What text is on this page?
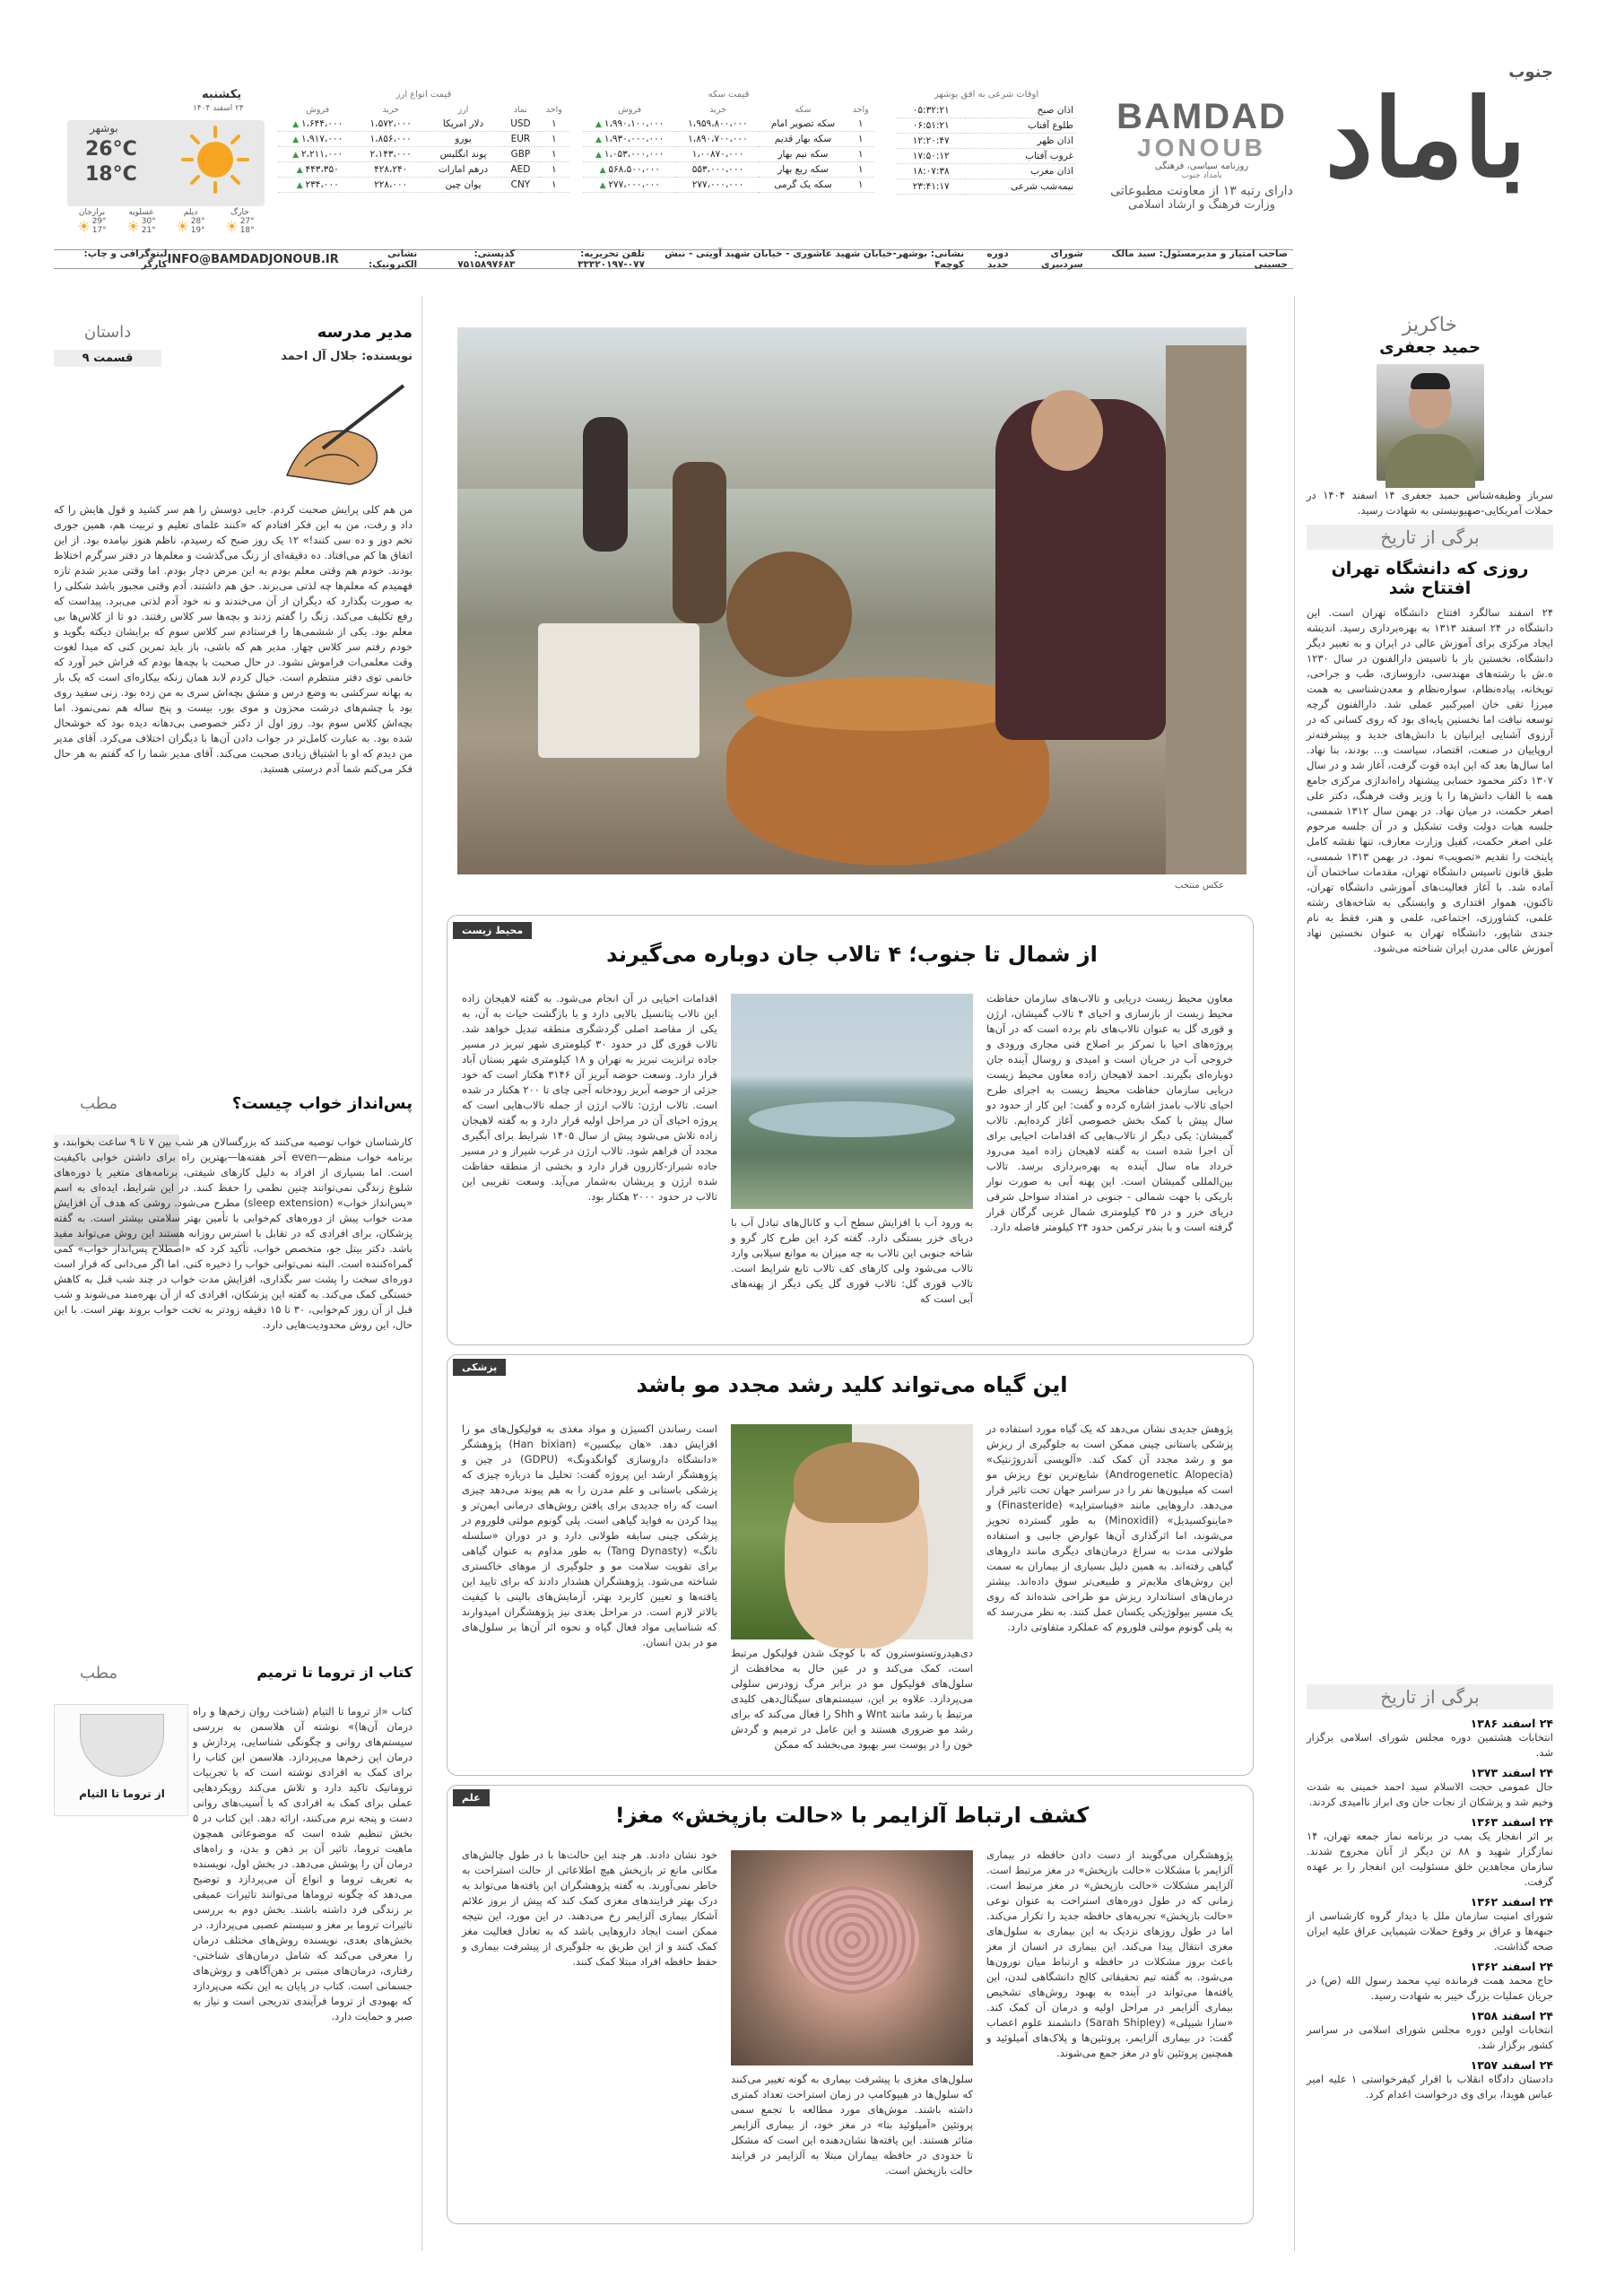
جنوب
باماد
BAMDAD
JONOUB
روزنامه سیاسی، فرهنگی
بامداد جنوب
دارای رتبه ۱۳ از معاونت مطبوعاتی
وزارت فرهنگ و ارشاد اسلامی
اوقات شرعی به افق بوشهر
اذان صبح	۰۵:۳۲:۲۱
طلوع آفتاب	۰۶:۵۱:۲۱
اذان ظهر	۱۲:۲۰:۴۷
غروب آفتاب	۱۷:۵۰:۱۲
اذان مغرب	۱۸:۰۷:۳۸
نیمه‌شب شرعی	۲۳:۴۱:۱۷
قیمت سکه
واحد	سکه	خرید	فروش
۱	سکه تصویر امام	۱،۹۵۹،۸۰۰،۰۰۰	۱،۹۹۰،۱۰۰،۰۰۰ ▲
۱	سکه بهار قدیم	۱،۸۹۰،۷۰۰،۰۰۰	۱،۹۳۰،۰۰۰،۰۰۰ ▲
۱	سکه نیم بهار	۱،۰۰۸۷۰،۰۰۰	۱،۰۵۳،۰۰۰،۰۰۰ ▲
۱	سکه ربع بهار	۵۵۳،۰۰۰،۰۰۰	۵۶۸،۵۰۰،۰۰۰ ▲
۱	سکه یک گرمی	۲۷۷،۰۰۰،۰۰۰	۲۷۷،۰۰۰،۰۰۰ ▲
قیمت انواع ارز
واحد	نماد	ارز	خرید	فروش
۱	USD	دلار امریکا	۱،۵۷۲،۰۰۰	۱،۶۴۴،۰۰۰ ▲
۱	EUR	یورو	۱،۸۵۶،۰۰۰	۱،۹۱۷،۰۰۰ ▲
۱	GBP	پوند انگلیس	۲،۱۴۳،۰۰۰	۲،۲۱۱،۰۰۰ ▲
۱	AED	درهم امارات	۴۲۸،۲۴۰	۴۴۳،۳۵۰ ▲
۱	CNY	یوان چین	۲۲۸،۰۰۰	۲۳۴،۰۰۰ ▲
یکشنبه
۲۴ اسفند ۱۴۰۴
بوشهر
26°C
18°C
برازجان
☀ 29°
17°
عسلویه
☀ 30°
21°
دیلم
☀ 28°
19°
خارگ
☀ 27°
18°
صاحب امتیاز و مدیرمسئول: سید مالک حسینی
شورای سردبیری
دوره جدید
نشانی: بوشهر-خیابان شهید عاشوری - خیابان شهید آویتی - نبش کوچه۴
تلفن تحریریه: ۰۷۷-۳۳۳۲۰۱۹۷
کدپستی: ۷۵۱۵۸۹۷۶۸۳
نشانی الکترونیک:
INFO@BAMDADJONOUB.IR
لیتوگرافی و چاپ: کارگر
خاکریز
حمید جعفری
سرباز وظیفه‌شناس حمید جعفری ۱۴ اسفند ۱۴۰۴ در حملات آمریکایی-صهیونیستی به شهادت رسید.
برگی از تاریخ
روزی که دانشگاه تهران
افتتاح شد
۲۴ اسفند سالگرد افتتاح دانشگاه تهران است. این دانشگاه در ۲۴ اسفند ۱۳۱۳ به بهره‌برداری رسید. اندیشه ایجاد مرکزی برای آموزش عالی در ایران و به تعبیر دیگر دانشگاه، نخستین بار با تاسیس دارالفنون در سال ۱۲۳۰ ه.ش با رشته‌های مهندسی، داروسازی، طب و جراحی، توپخانه، پیاده‌نظام، سواره‌نظام و معدن‌شناسی به همت میرزا تقی خان امیرکبیر عملی شد. دارالفنون گرچه توسعه نیافت اما نخستین پایه‌ای بود که روی کسانی که در آرزوی آشنایی ایرانیان با دانش‌های جدید و پیشرفته‌تر اروپاییان در صنعت، اقتصاد، سیاست و... بودند، بنا نهاد. اما سال‌ها بعد که این ایده قوت گرفت، آغاز شد و در سال ۱۳۰۷ دکتر محمود حسابی پیشنهاد راه‌اندازی مرکزی جامع همه با القاب دانش‌ها را با وزیر وقت فرهنگ، دکتر علی اصغر حکمت، در میان نهاد. در بهمن سال ۱۳۱۲ شمسی، جلسه هیات دولت وقت تشکیل و در آن جلسه مرحوم علی اصغر حکمت، کفیل وزارت معارف، تنها نقشه کامل پایتخت را تقدیم «تصویب» نمود. در بهمن ۱۳۱۳ شمسی، طبق قانون تاسیس دانشگاه تهران، مقدمات ساختمان آن آماده شد. با آغاز فعالیت‌های آموزشی دانشگاه تهران، تاکنون، هموار اقتداری و وابستگی به شاخه‌های رشته علمی، کشاورزی، اجتماعی، علمی و هنر، فقط به نام جندی شاپور، دانشگاه تهران به عنوان نخستین نهاد آموزش عالی مدرن ایران شناخته می‌شود.
برگی از تاریخ
۲۴ اسفند ۱۳۸۶
انتخابات هشتمین دوره مجلس شورای اسلامی برگزار شد.
۲۴ اسفند ۱۳۷۳
حال عمومی حجت الاسلام سید احمد خمینی به شدت وخیم شد و پزشکان از نجات جان وی ابراز ناامیدی کردند.
۲۴ اسفند ۱۳۶۳
بر اثر انفجار یک بمب در برنامه نماز جمعه تهران، ۱۴ نمازگزار شهید و ۸۸ تن دیگر از آنان مجروح شدند. سازمان مجاهدین خلق مسئولیت این انفجار را بر عهده گرفت.
۲۴ اسفند ۱۳۶۲
شورای امنیت سازمان ملل با دیدار گروه کارشناسی از جبهه‌ها و عراق بر وقوع حملات شیمیایی عراق علیه ایران صحه گذاشت.
۲۴ اسفند ۱۳۶۲
حاج محمد همت فرمانده تیپ محمد رسول الله (ص) در جریان عملیات بزرگ خیبر به شهادت رسید.
۲۴ اسفند ۱۳۵۸
انتخابات اولین دوره مجلس شورای اسلامی در سراسر کشور برگزار شد.
۲۴ اسفند ۱۳۵۷
دادستان دادگاه انقلاب با اقرار کیفرخواستی ۱ علیه امیر عباس هویدا، برای وی درخواست اعدام کرد.
عکس منتخب
محیط زیست
از شمال تا جنوب؛ ۴ تالاب جان دوباره می‌گیرند
معاون محیط زیست دریایی و تالاب‌های سازمان حفاظت محیط زیست از بازسازی و احیای ۴ تالاب گمیشان، ارژن و قوری گل به عنوان تالاب‌های نام برده است که در آن‌ها پروژه‌های احیا با تمرکز بر اصلاح فنی مجاری ورودی و خروجی آب در جریان است و امیدی و روسال آینده جان دوباره‌ای بگیرند. احمد لاهیجان زاده معاون محیط زیست دریایی سازمان حفاظت محیط زیست به اجرای طرح احیای تالاب بامدژ اشاره کرده و گفت: این کار از حدود دو سال پیش با کمک بخش خصوصی آغاز کرده‌ایم. تالاب گمیشان: یکی دیگر از تالاب‌هایی که اقدامات احیایی برای آن اجرا شده است به گفته لاهیجان زاده امید می‌رود خرداد ماه سال آینده به بهره‌برداری برسد. تالاب بین‌المللی گمیشان است. این پهنه آبی به صورت نوار باریکی با جهت شمالی - جنوبی در امتداد سواحل شرقی دریای خزر و در ۳۵ کیلومتری شمال غربی گرگان قرار گرفته است و با بندر ترکمن حدود ۲۴ کیلومتر فاصله دارد.
به ورود آب با افزایش سطح آب و کانال‌های تبادل آب با دریای خزر بستگی دارد. گفته کرد این طرح کار گرو و شاخه جنوبی این تالاب به چه میزان به موانع سیلابی وارد تالاب می‌شود ولی کارهای کف تالاب تابع شرایط است. تالاب قوری گل: تالاب قوری گل یکی دیگر از پهنه‌های آبی است که
اقدامات احیایی در آن انجام می‌شود. به گفته لاهیجان زاده این تالاب پتانسیل بالایی دارد و با بازگشت حیات به آن، به یکی از مقاصد اصلی گردشگری منطقه تبدیل خواهد شد. تالاب قوری گل در حدود ۳۰ کیلومتری شهر تبریز در مسیر جاده ترانزیت تبریز به تهران و ۱۸ کیلومتری شهر بستان آباد قرار دارد. وسعت حوضه آبریز آن ۳۱۴۶ هکتار است که خود جزئی از حوضه آبریز رودخانه آجی چای تا ۲۰۰ هکتار در شده است. تالاب ارژن: تالاب ارژن از جمله تالاب‌هایی است که پروژه احیای آن در مراحل اولیه قرار دارد و به گفته لاهیجان زاده تلاش می‌شود پیش از سال ۱۴۰۵ شرایط برای آبگیری مجدد آن فراهم شود. تالاب ارژن در غرب شیراز و در مسیر جاده شیراز-کازرون قرار دارد و بخشی از منطقه حفاظت شده ارژن و پریشان به‌شمار می‌آید. وسعت تقریبی این تالاب در حدود ۲۰۰۰ هکتار بود.
پزشکی
این گیاه می‌تواند کلید رشد مجدد مو باشد
پژوهش جدیدی نشان می‌دهد که یک گیاه مورد استفاده در پزشکی باستانی چینی ممکن است به جلوگیری از ریزش مو و رشد مجدد آن کمک کند. «آلوپسی آندروژنتیک» (Androgenetic Alopecia) شایع‌ترین نوع ریزش مو است که میلیون‌ها نفر را در سراسر جهان تحت تاثیر قرار می‌دهد. داروهایی مانند «فیناستراید» (Finasteride) و «ماینوکسیدیل» (Minoxidil) به طور گسترده تجویز می‌شوند، اما اثرگذاری آن‌ها عوارض جانبی و استفاده طولانی مدت به سراغ درمان‌های دیگری مانند داروهای گیاهی رفته‌اند. به همین دلیل بسیاری از بیماران به سمت این روش‌های ملایم‌تر و طبیعی‌تر سوق داده‌اند. بیشتر درمان‌های استاندارد ریزش مو طراحی شده‌اند که روی یک مسیر بیولوژیکی یکسان عمل کنند. به نظر می‌رسد که به پلی گونوم مولتی فلوروم که عملکرد متفاوتی دارد.
دی‌هیدروتستوسترون که با کوچک شدن فولیکول مرتبط است، کمک می‌کند و در عین حال به محافظت از سلول‌های فولیکول مو در برابر مرگ زودرس سلولی می‌پردازد. علاوه بر این، سیستم‌های سیگنال‌دهی کلیدی مرتبط با رشد مانند Wnt و Shh را فعال می‌کند که برای رشد مو ضروری هستند و این عامل در ترمیم و گردش خون را در پوست سر بهبود می‌بخشد که ممکن
است رساندن اکسیژن و مواد مغذی به فولیکول‌های مو را افزایش دهد. «هان بیکسین» (Han bixian) پژوهشگر «دانشگاه داروسازی گوانگدونگ» (GDPU) در چین و پژوهشگر ارشد این پروژه گفت: تحلیل ما درباره چیزی که پزشکی باستانی و علم مدرن را به هم پیوند می‌دهد چیزی است که راه جدیدی برای یافتن روش‌های درمانی ایمن‌تر و پیدا کردن به فواید گیاهی است. پلی گونوم مولتی فلوروم در پزشکی چینی سابقه طولانی دارد و در دوران «سلسله تانگ» (Tang Dynasty) به طور مداوم به عنوان گیاهی برای تقویت سلامت مو و جلوگیری از موهای خاکستری شناخته می‌شود. پژوهشگران هشدار دادند که برای تایید این یافته‌ها و تعیین کاربرد بهتر، آزمایش‌های بالینی با کیفیت بالاتر لازم است. در مراحل بعدی نیز پژوهشگران امیدوارند که شناسایی مواد فعال گیاه و نحوه اثر آن‌ها بر سلول‌های مو در بدن انسان.
علم
کشف ارتباط آلزایمر با «حالت بازپخش» مغز!
پژوهشگران می‌گویند از دست دادن حافظه در بیماری آلزایمر با مشکلات «حالت بازپخش» در مغز مرتبط است. آلزایمر مشکلات «حالت بازپخش» در مغز مرتبط است. زمانی که در طول دوره‌های استراحت به عنوان نوعی «حالت بازپخش» تجربه‌های حافظه جدید را تکرار می‌کند. اما در طول روزهای نزدیک به این بیماری به سلول‌های مغزی انتقال پیدا می‌کند. این بیماری در انسان از مغز باعث بروز مشکلات در حافظه و ارتباط میان نورون‌ها می‌شود. به گفته تیم تحقیقاتی کالج دانشگاهی لندن، این یافته‌ها می‌تواند در آینده به بهبود روش‌های تشخیص بیماری آلزایمر در مراحل اولیه و درمان آن کمک کند. «سارا شیپلی» (Sarah Shipley) دانشمند علوم اعصاب گفت: در بیماری آلزایمر، پروتئین‌ها و پلاک‌های آمیلوئید و همچنین پروتئین تاو در مغز جمع می‌شوند.
سلول‌های مغزی با پیشرفت بیماری به گونه تغییر می‌کنند که سلول‌ها در هیپوکامپ در زمان استراحت تعداد کمتری داشته باشند. موش‌های مورد مطالعه با تجمع سمی پروتئین «آمیلوئید بتا» در مغز خود، از بیماری آلزایمر متاثر هستند. این یافته‌ها نشان‌دهنده این است که مشکل تا حدودی در حافظه بیماران مبتلا به آلزایمر در فرایند حالت بازپخش است.
خود نشان دادند. هر چند این حالت‌ها با در طول چالش‌های مکانی مانع تر بازپخش هیچ اطلاعاتی از حالت استراحت به خاطر نمی‌آورند. به گفته پژوهشگران این یافته‌ها می‌تواند به درک بهتر فرایندهای مغزی کمک کند که پیش از بروز علائم آشکار بیماری آلزایمر رخ می‌دهند. در این مورد، این نتیجه ممکن است ایجاد داروهایی باشد که به تعادل فعالیت مغز کمک کنند و از این طریق به جلوگیری از پیشرفت بیماری و حفظ حافظه افراد مبتلا کمک کنند.
داستان	مدیر مدرسه
قسمت ۹	نویسنده: جلال آل احمد
من هم کلی پرایش صحبت کردم. جایی دوسش را هم سر کشید و قول هایش را که داد و رفت، من به این فکر افتادم که «کنند علمای تعلیم و تربیت هم، همین جوری تخم دوز و ده سی کنند!» ۱۲ یک روز صبح که رسیدم، ناظم هنوز نیامده بود. از این اتفاق ها کم می‌افتاد. ده دقیقه‌ای از زنگ می‌گذشت و معلم‌ها در دفتر سرگرم اختلاط بودند. خودم هم وقتی معلم بودم به این مرض دچار بودم. اما وقتی مدیر شدم تازه فهمیدم که معلم‌ها چه لذتی می‌برند. حق هم داشتند. آدم وقتی مجبور باشد شکلی را به صورت بگذارد که دیگران از آن می‌خندند و نه خود آدم لذتی می‌برد. پیداست که رفع تکلیف می‌کند. زنگ را گفتم زدند و بچه‌ها سر کلاس رفتند. دو تا از کلاس‌ها بی معلم بود. یکی از ششمی‌ها را فرستادم سر کلاس سوم که برایشان دیکته بگوید و خودم رفتم سر کلاس چهار. مدیر هم که باشی، باز باید تمرین کنی که میدا لغوت وقت معلمی‌ات فراموش نشود. در حال صحبت با بچه‌ها بودم که فراش خبر آورد که خانمی توی دفتر منتظرم است. خیال کردم لابد همان زنکه بیکاره‌ای است که یک بار به بهانه سرکشی به وضع درس و مشق بچه‌اش سری به من زده بود. زنی سفید روی بود با چشم‌های درشت محزون و موی بور، بیست و پنج ساله هم نمی‌نمود. اما بچه‌اش کلاس سوم بود. روز اول از دکتر خصوصی بی‌دهانه دیده بود که خوشحال شده بود. به عبارت کامل‌تر در جواب دادن آن‌ها با دیگران اختلاف می‌کرد. آقای مدیر من دیدم که او با اشتیاق زیادی صحبت می‌کند. آقای مدیر شما را که گفتم به هر حال فکر می‌کنم شما آدم درستی هستید.
مطب	پس‌انداز خواب چیست؟
کارشناسان خواب توصیه می‌کنند که بزرگسالان هر شب بین ۷ تا ۹ ساعت بخوابند، و برنامه خواب منظم—even آخر هفته‌ها—بهترین راه برای داشتن خوابی باکیفیت است. اما بسیاری از افراد به دلیل کارهای شیفتی، برنامه‌های متغیر یا دوره‌های شلوغ زندگی نمی‌توانند چنین نظمی را حفظ کنند. در این شرایط، ایده‌ای به اسم «پس‌انداز خواب» (sleep extension) مطرح می‌شود. روشی که هدف آن افزایش مدت خواب پیش از دوره‌های کم‌خوابی با تأمین بهتر سلامتی بیشتر است. به گفته پزشکان، برای افرادی که در تقابل با استرس روزانه هستند این روش می‌تواند مفید باشد. دکتر بیتل جو، متخصص خواب، تأکید کرد که «اصطلاح پس‌انداز خواب» کمی گمراه‌کننده است. البته نمی‌توانی خواب را ذخیره کنی. اما اگر می‌دانی که قرار است دوره‌ای سخت را پشت سر بگذاری، افزایش مدت خواب در چند شب قبل به کاهش خستگی کمک می‌کند. به گفته این پزشکان، افرادی که از آن بهره‌مند می‌شوند و شب قبل از آن روز کم‌خوابی، ۳۰ تا ۱۵ دقیقه زودتر به تخت خواب بروند بهتر است. با این حال، این روش محدودیت‌هایی دارد.
مطب	کتاب از تروما تا ترمیم
از تروما تا التیام
کتاب «از تروما تا التیام (شناخت روان زخم‌ها و راه درمان آن‌ها)» نوشته آن هلاسمن به بررسی سیستم‌های روانی و چگونگی شناسایی، پردازش و درمان این زخم‌ها می‌پردازد. هلاسمن این کتاب را برای کمک به افرادی نوشته است که با تجربیات تروماتیک تاکید دارد و تلاش می‌کند رویکردهایی عملی برای کمک به افرادی که با آسیب‌های روانی دست و پنجه نرم می‌کنند، ارائه دهد. این کتاب در ۵ بخش تنظیم شده است که موضوعاتی همچون ماهیت تروما، تاثیر آن بر ذهن و بدن، و راه‌های درمان آن را پوشش می‌دهد. در بخش اول، نویسنده به تعریف تروما و انواع آن می‌پردازد و توضیح می‌دهد که چگونه تروماها می‌توانند تاثیرات عمیقی بر زندگی فرد داشته باشند. بخش دوم به بررسی تاثیرات تروما بر مغز و سیستم عصبی می‌پردازد. در بخش‌های بعدی، نویسنده روش‌های مختلف درمان را معرفی می‌کند که شامل درمان‌های شناختی-رفتاری، درمان‌های مبتنی بر ذهن‌آگاهی و روش‌های جسمانی است. کتاب در پایان به این نکته می‌پردازد که بهبودی از تروما فرآیندی تدریجی است و نیاز به صبر و حمایت دارد.
